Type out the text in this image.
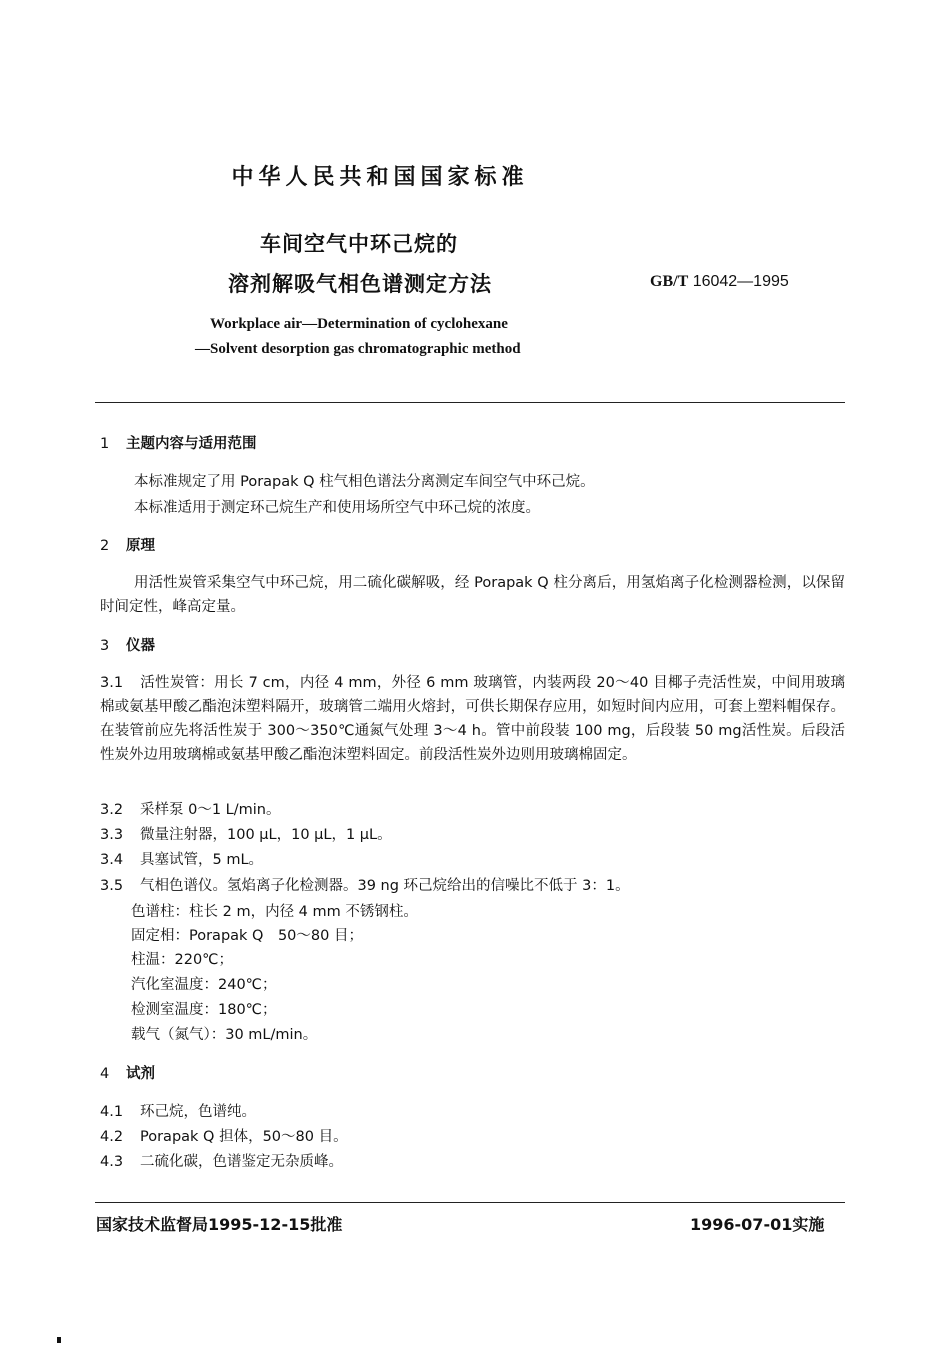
中华人民共和国国家标准
车间空气中环己烷的
溶剂解吸气相色谱测定方法	GB/T 16042—1995
Workplace air—Determination of cyclohexane
—Solvent desorption gas chromatographic method
1 主题内容与适用范围
本标准规定了用 Porapak Q 柱气相色谱法分离测定车间空气中环己烷。
本标准适用于测定环己烷生产和使用场所空气中环己烷的浓度。
2 原理
用活性炭管采集空气中环己烷，用二硫化碳解吸，经 Porapak Q 柱分离后，用氢焰离子化检测器检测，以保留时间定性，峰高定量。
3 仪器
3.1 活性炭管：用长 7 cm，内径 4 mm，外径 6 mm 玻璃管，内装两段 20～40 目椰子壳活性炭，中间用玻璃棉或氨基甲酸乙酯泡沫塑料隔开，玻璃管二端用火熔封，可供长期保存应用，如短时间内应用，可套上塑料帽保存。在装管前应先将活性炭于 300～350℃通氮气处理 3～4 h。管中前段装 100 mg，后段装 50 mg活性炭。后段活性炭外边用玻璃棉或氨基甲酸乙酯泡沫塑料固定。前段活性炭外边则用玻璃棉固定。
3.2 采样泵 0～1 L/min。
3.3 微量注射器，100 μL，10 μL，1 μL。
3.4 具塞试管，5 mL。
3.5 气相色谱仪。氢焰离子化检测器。39 ng 环己烷给出的信噪比不低于 3：1。
色谱柱：柱长 2 m，内径 4 mm 不锈钢柱。
固定相：Porapak Q　50～80 目；
柱温：220℃；
汽化室温度：240℃；
检测室温度：180℃；
载气（氮气）：30 mL/min。
4 试剂
4.1 环己烷，色谱纯。
4.2 Porapak Q 担体，50～80 目。
4.3 二硫化碳，色谱鉴定无杂质峰。
国家技术监督局1995-12-15批准	1996-07-01实施
